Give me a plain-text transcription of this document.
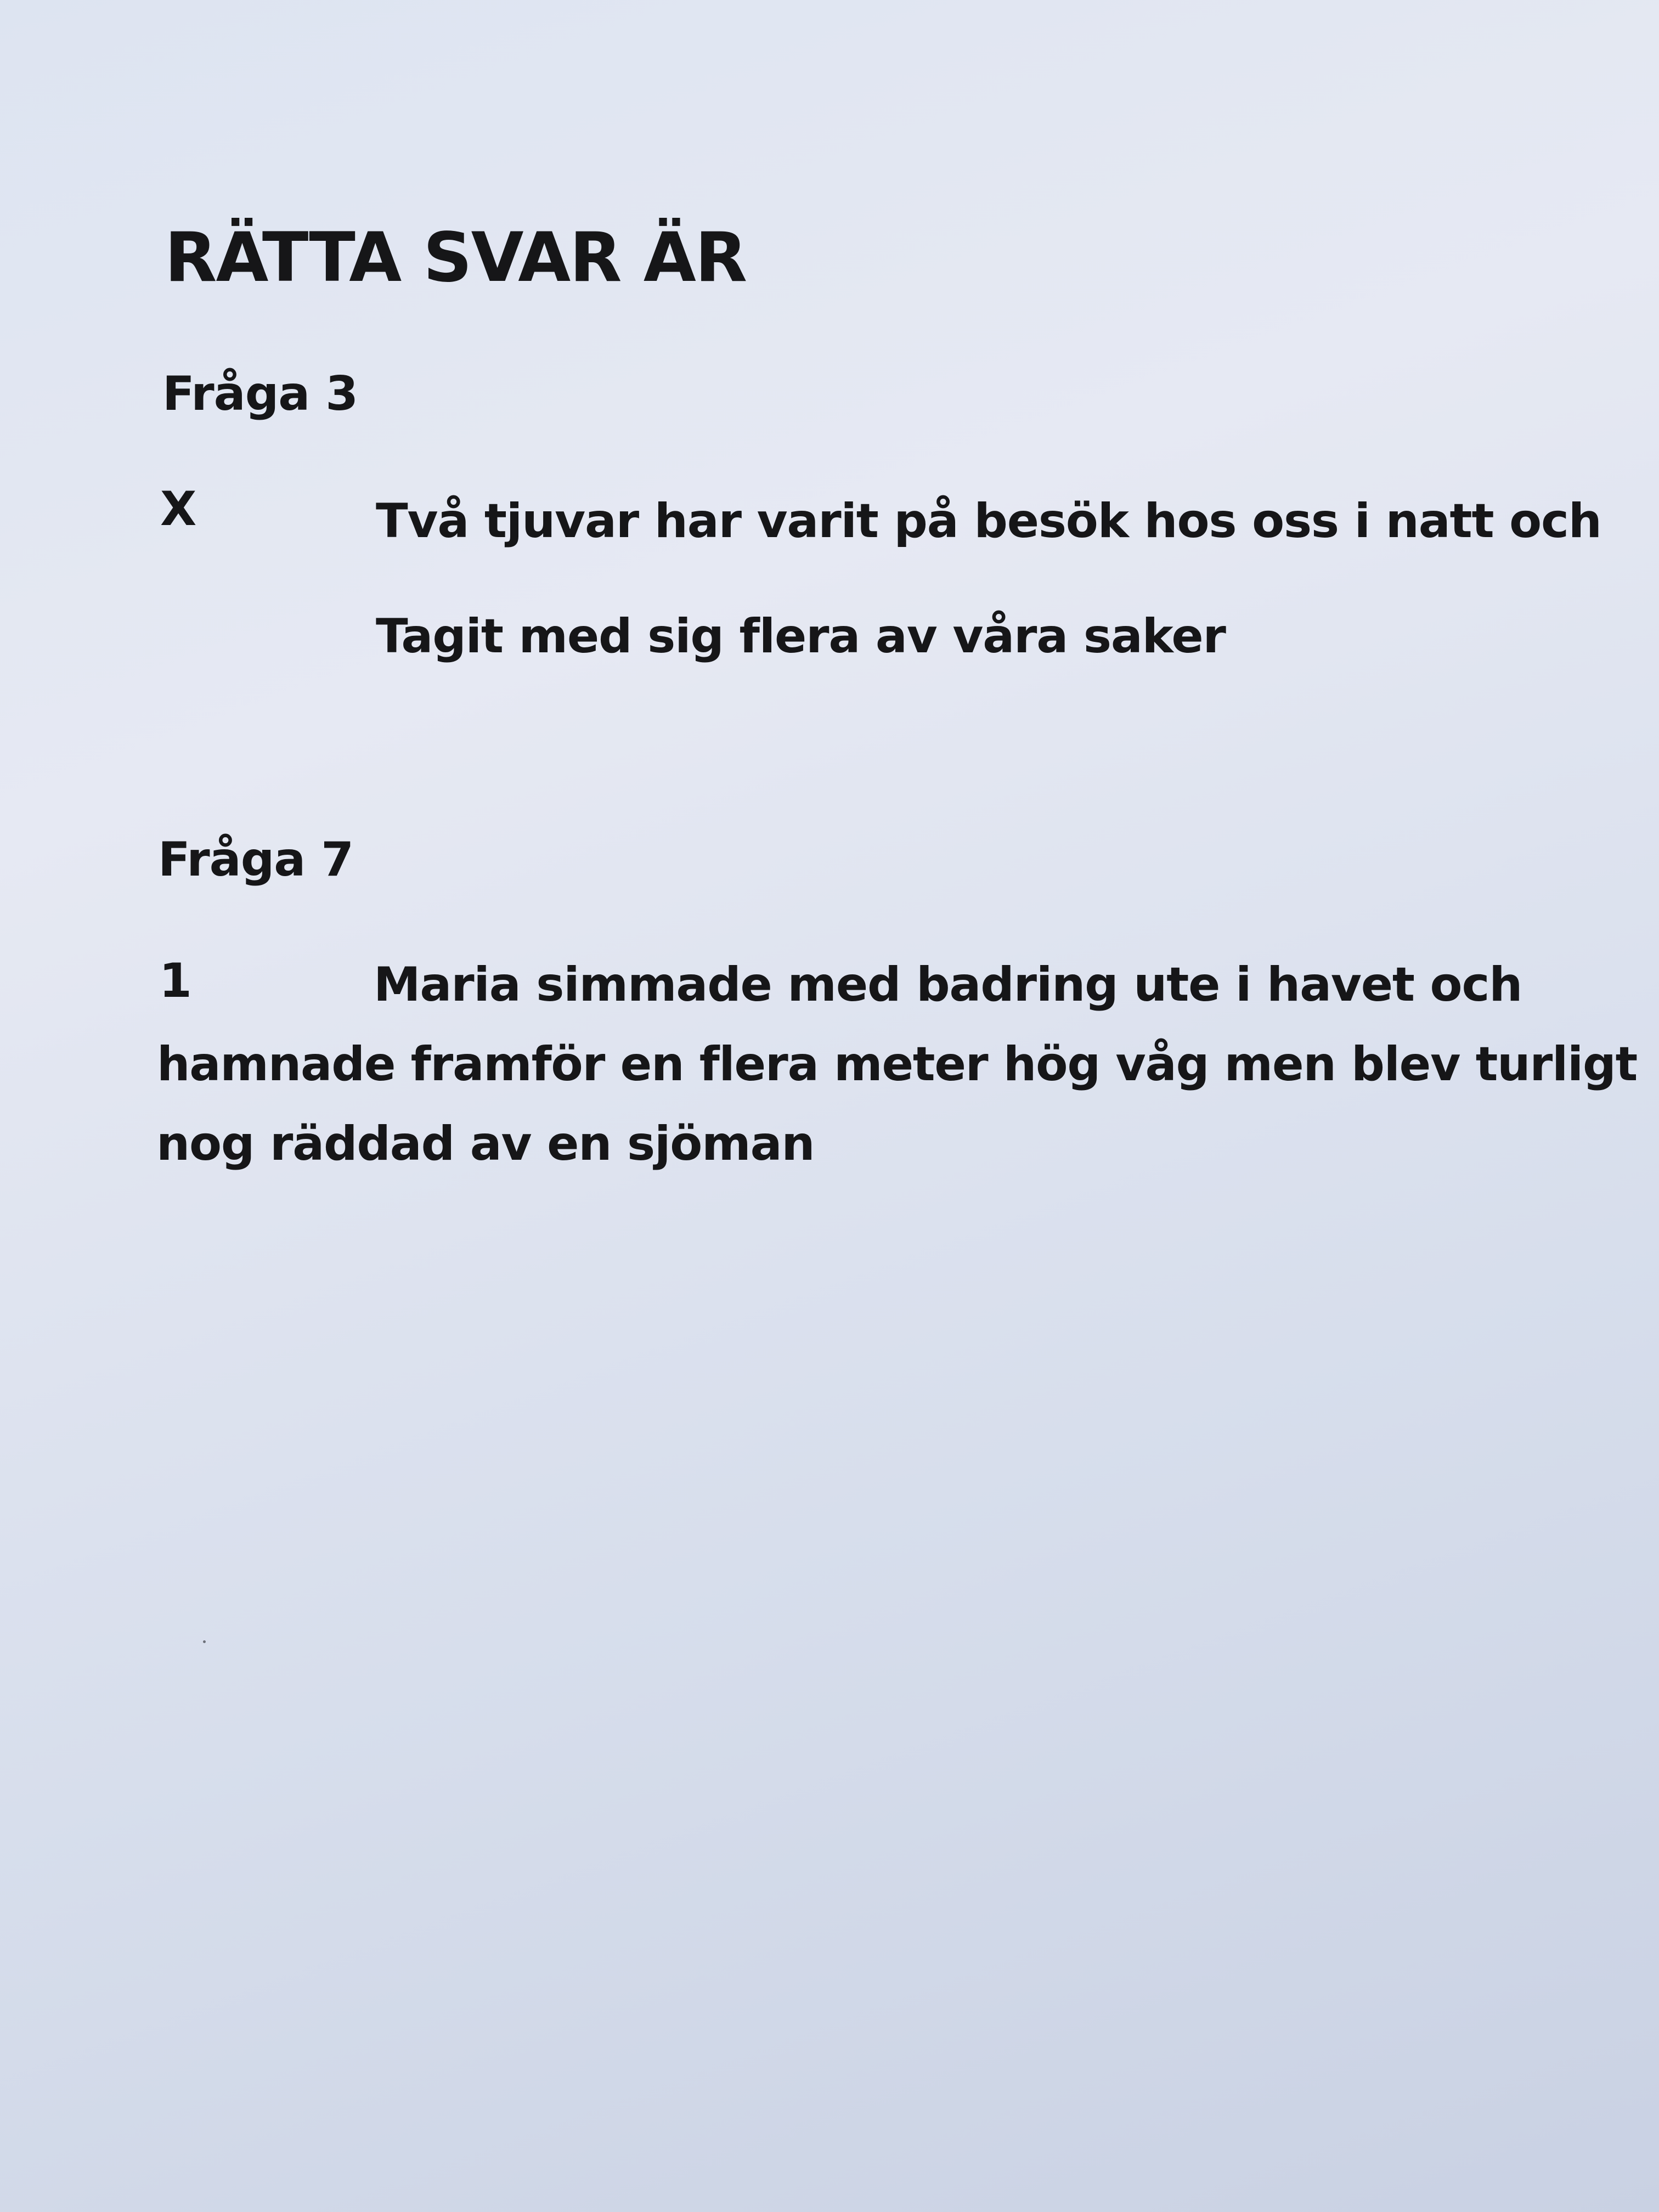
RÄTTA SVAR ÄR
Fråga 3
X	Två tjuvar har varit på besök hos oss i natt och
Tagit med sig flera av våra saker
Fråga 7
1	Maria simmade med badring ute i havet och
hamnade framför en flera meter hög våg men blev turligt
nog räddad av en sjöman
